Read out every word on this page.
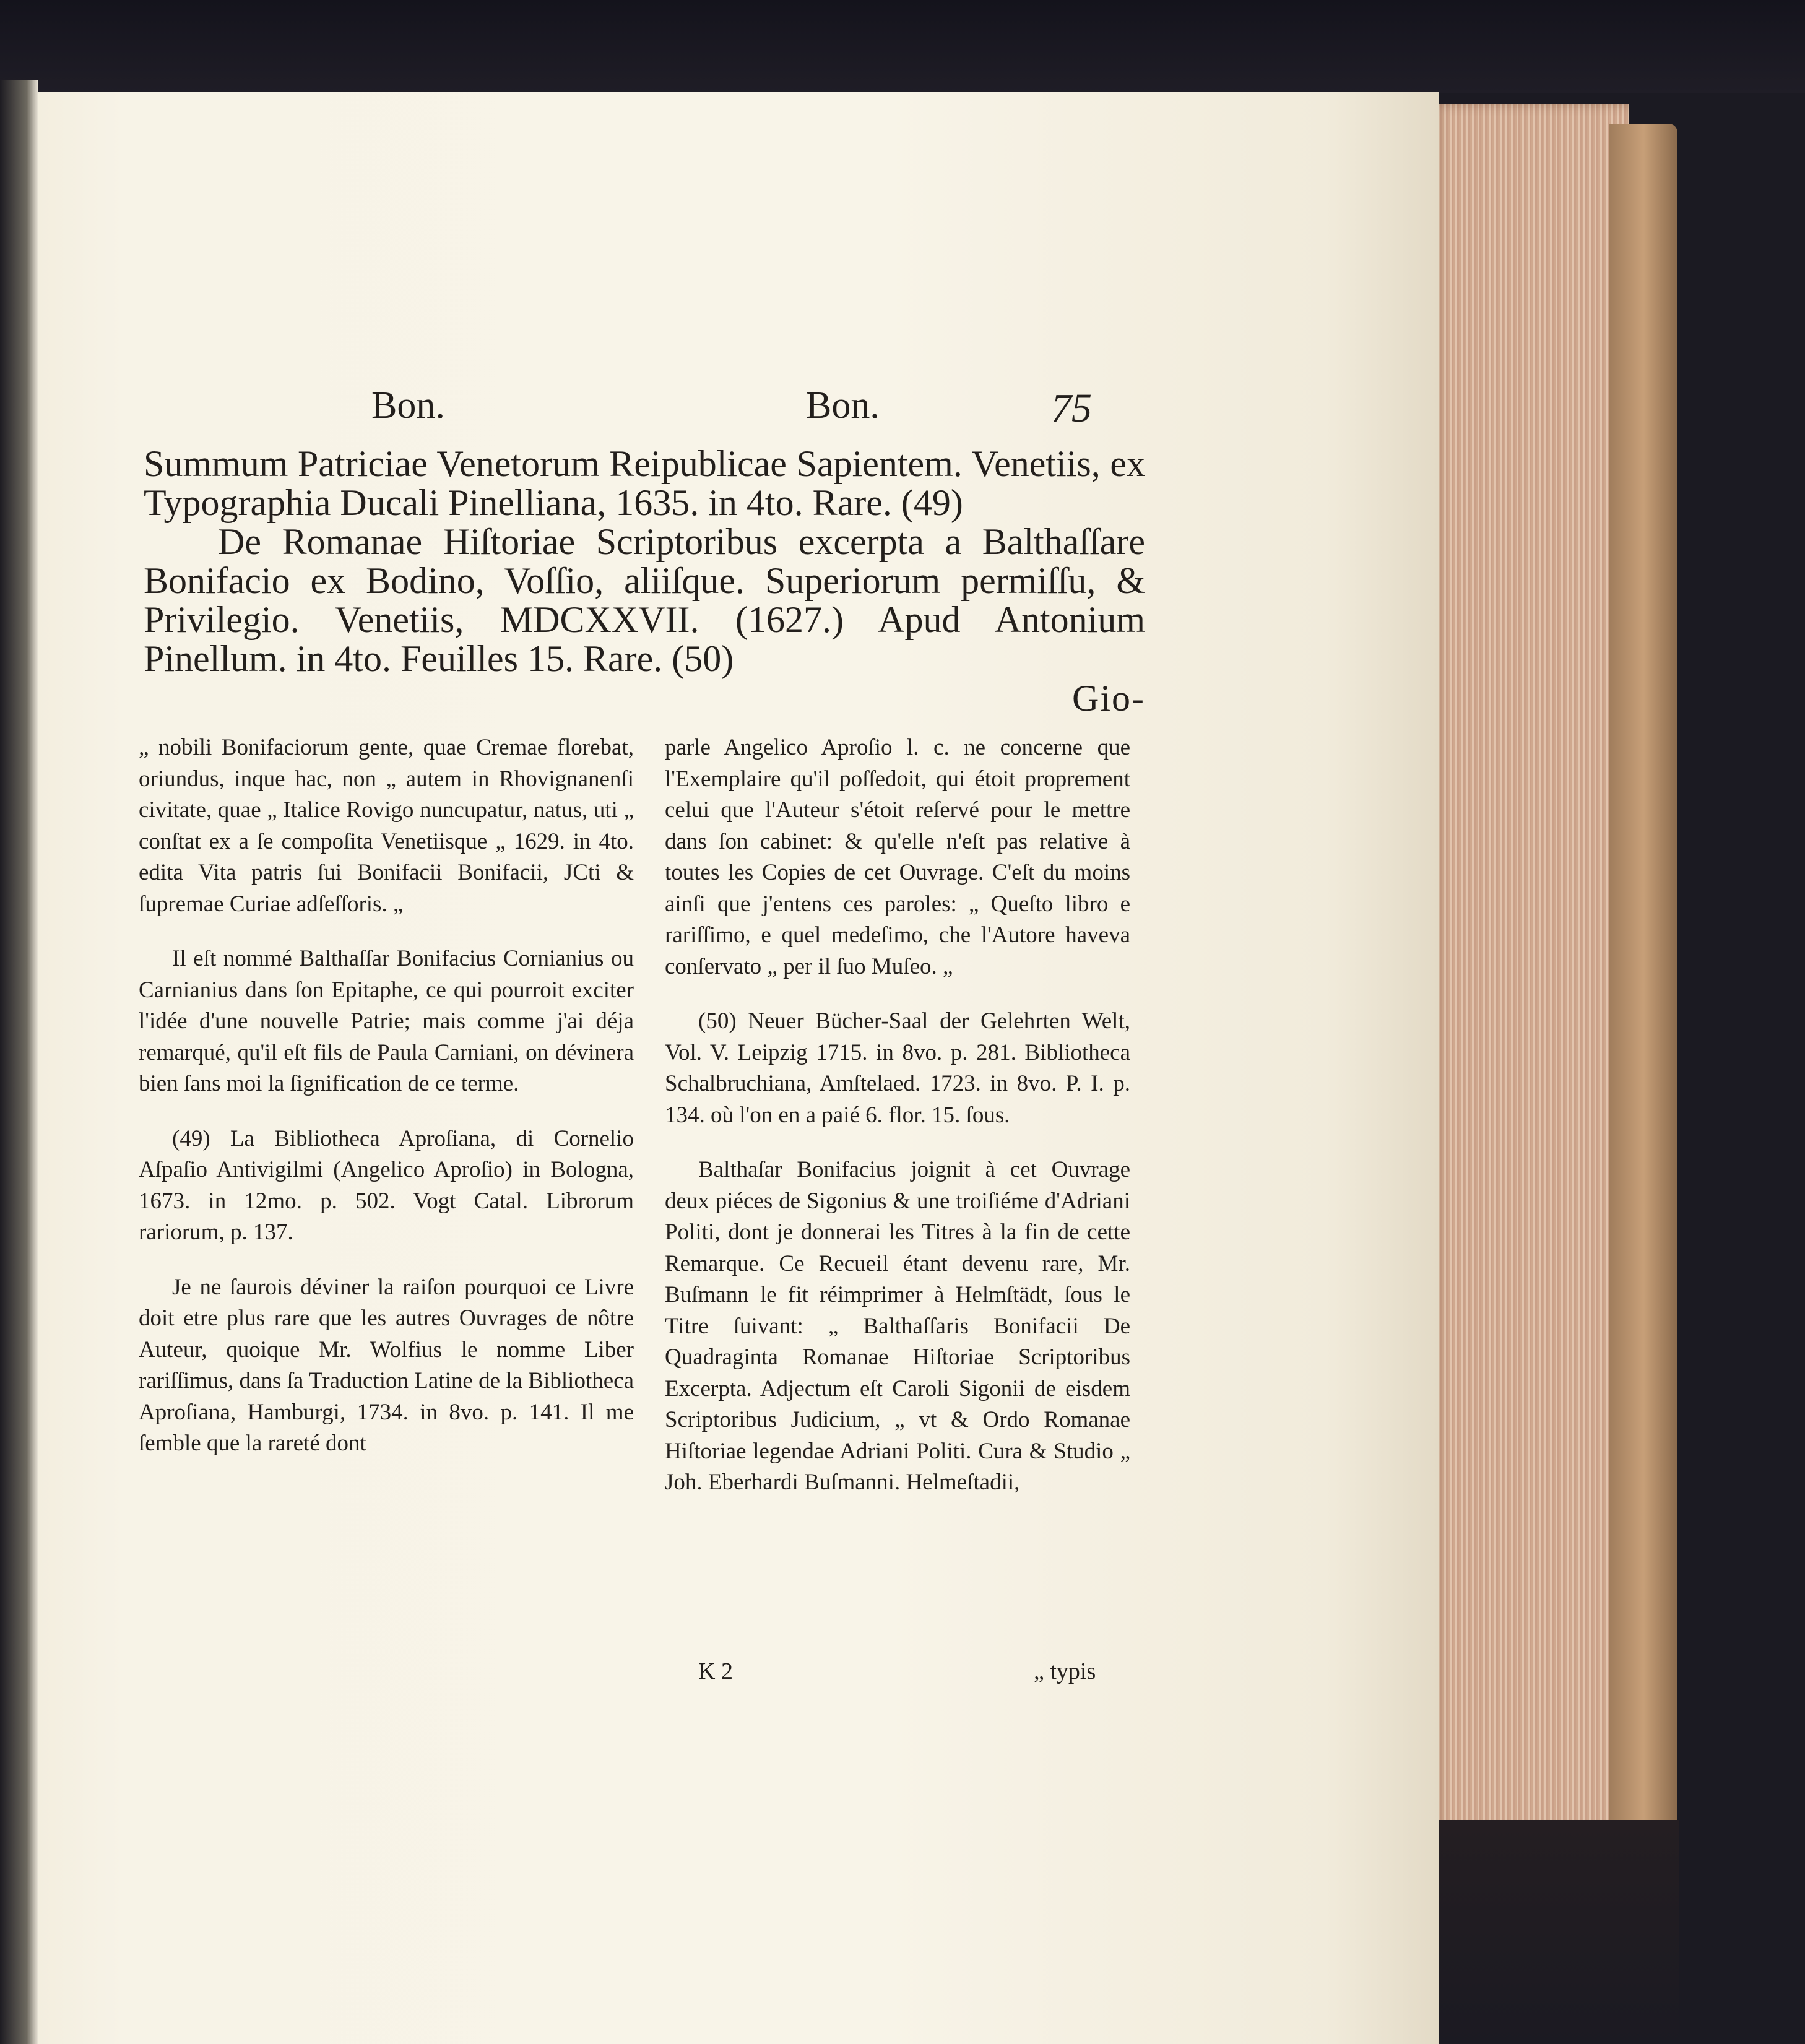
Bon.	Bon.	75

Summum Patriciae Venetorum Reipublicae Sapientem. Venetiis, ex Typographia Ducali Pinelliana, 1635. in 4to. Rare. (49)

De Romanae Hiſtoriae Scriptoribus excerpta a Balthaſſare Bonifacio ex Bodino, Voſſio, aliiſque. Superiorum permiſſu, & Privilegio. Venetiis, MDCXXVII. (1627.) Apud Antonium Pinellum. in 4to. Feuilles 15. Rare. (50)

Gio-

„ nobili Bonifaciorum gente, quae Cremae florebat, oriundus, inque hac, non „ autem in Rhovignanenſi civitate, quae „ Italice Rovigo nuncupatur, natus, uti „ conſtat ex a ſe compoſita Venetiisque „ 1629. in 4to. edita Vita patris ſui Bonifacii Bonifacii, JCti & ſupremae Curiae adſeſſoris. „

Il eſt nommé Balthaſſar Bonifacius Cornianius ou Carnianius dans ſon Epitaphe, ce qui pourroit exciter l'idée d'une nouvelle Patrie; mais comme j'ai déja remarqué, qu'il eſt fils de Paula Carniani, on dévinera bien ſans moi la ſignification de ce terme.

(49) La Bibliotheca Aproſiana, di Cornelio Aſpaſio Antivigilmi (Angelico Aproſio) in Bologna, 1673. in 12mo. p. 502. Vogt Catal. Librorum rariorum, p. 137.

Je ne ſaurois déviner la raiſon pourquoi ce Livre doit etre plus rare que les autres Ouvrages de nôtre Auteur, quoique Mr. Wolfius le nomme Liber rariſſimus, dans ſa Traduction Latine de la Bibliotheca Aproſiana, Hamburgi, 1734. in 8vo. p. 141. Il me ſemble que la rareté dont

parle Angelico Aproſio l. c. ne concerne que l'Exemplaire qu'il poſſedoit, qui étoit proprement celui que l'Auteur s'étoit reſervé pour le mettre dans ſon cabinet: & qu'elle n'eſt pas relative à toutes les Copies de cet Ouvrage. C'eſt du moins ainſi que j'entens ces paroles: „ Queſto libro e rariſſimo, e quel medeſimo, che l'Autore haveva conſervato „ per il ſuo Muſeo. „

(50) Neuer Bücher-Saal der Gelehrten Welt, Vol. V. Leipzig 1715. in 8vo. p. 281. Bibliotheca Schalbruchiana, Amſtelaed. 1723. in 8vo. P. I. p. 134. où l'on en a paié 6. flor. 15. ſous.

Balthaſar Bonifacius joignit à cet Ouvrage deux piéces de Sigonius & une troiſiéme d'Adriani Politi, dont je donnerai les Titres à la fin de cette Remarque. Ce Recueil étant devenu rare, Mr. Buſmann le fit réimprimer à Helmſtädt, ſous le Titre ſuivant: „ Balthaſſaris Bonifacii De Quadraginta Romanae Hiſtoriae Scriptoribus Excerpta. Adjectum eſt Caroli Sigonii de eisdem Scriptoribus Judicium, „ vt & Ordo Romanae Hiſtoriae legendae Adriani Politi. Cura & Studio „ Joh. Eberhardi Buſmanni. Helmeſtadii,

K 2	„ typis
